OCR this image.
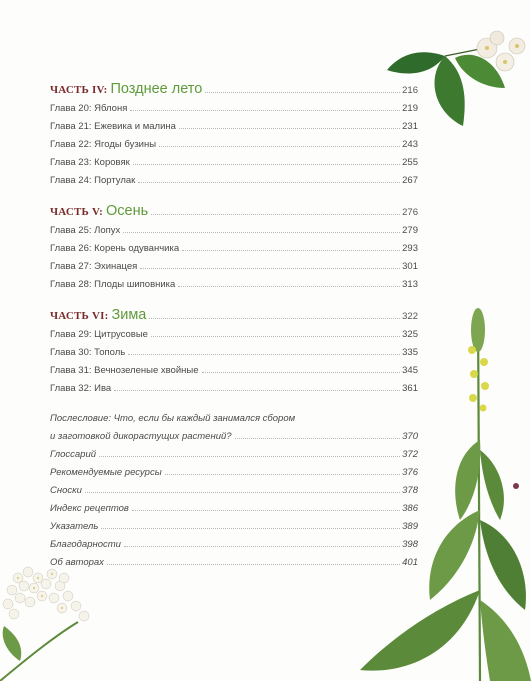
ЧАСТЬ IV: Позднее лето	216
Глава 20: Яблоня	219
Глава 21: Ежевика и малина	231
Глава 22: Ягоды бузины	243
Глава 23: Коровяк	255
Глава 24: Портулак	267
ЧАСТЬ V: Осень	276
Глава 25: Лопух	279
Глава 26: Корень одуванчика	293
Глава 27: Эхинацея	301
Глава 28: Плоды шиповника	313
ЧАСТЬ VI: Зима	322
Глава 29: Цитрусовые	325
Глава 30: Тополь	335
Глава 31: Вечнозеленые хвойные	345
Глава 32: Ива	361
Послесловие: Что, если бы каждый занимался сбором
и заготовкой дикорастущих растений?	370
Глоссарий	372
Рекомендуемые ресурсы	376
Сноски	378
Индекс рецептов	386
Указатель	389
Благодарности	398
Об авторах	401
